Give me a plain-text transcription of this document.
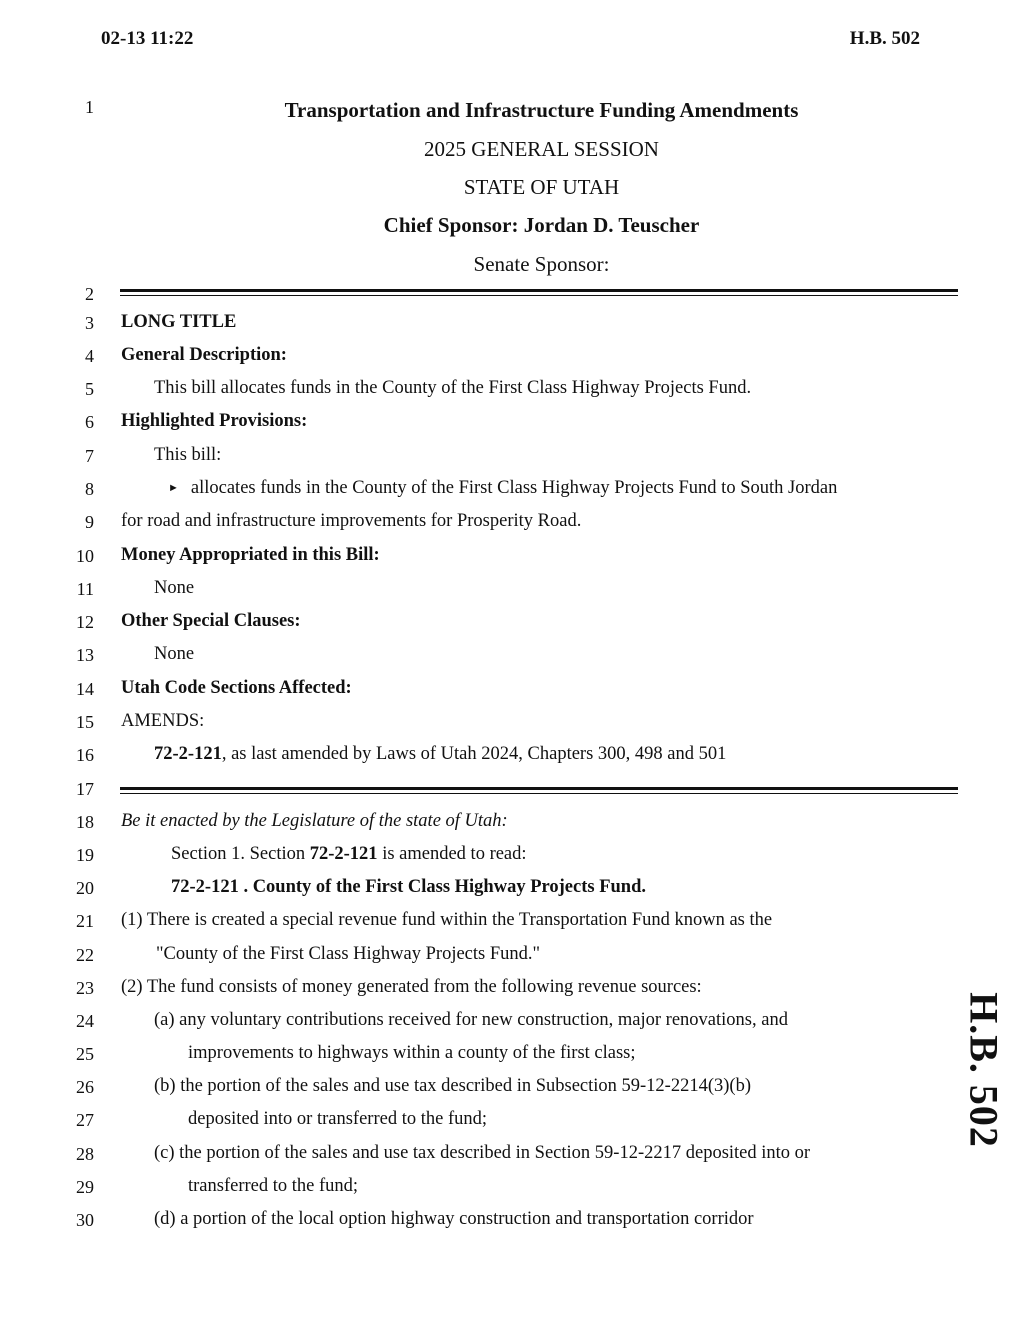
02-13 11:22	H.B. 502
1
2
3
4
5
6
7
8
9
10
11
12
13
14
15
16
17
18
19
20
21
22
23
24
25
26
27
28
29
30
Transportation and Infrastructure Funding Amendments
2025 GENERAL SESSION
STATE OF UTAH
Chief Sponsor: Jordan D. Teuscher
Senate Sponsor:
LONG TITLE
General Description:
This bill allocates funds in the County of the First Class Highway Projects Fund.
Highlighted Provisions:
This bill:
► allocates funds in the County of the First Class Highway Projects Fund to South Jordan
for road and infrastructure improvements for Prosperity Road.
Money Appropriated in this Bill:
None
Other Special Clauses:
None
Utah Code Sections Affected:
AMENDS:
72-2-121, as last amended by Laws of Utah 2024, Chapters 300, 498 and 501
Be it enacted by the Legislature of the state of Utah:
Section 1. Section 72-2-121 is amended to read:
72-2-121 . County of the First Class Highway Projects Fund.
(1) There is created a special revenue fund within the Transportation Fund known as the
"County of the First Class Highway Projects Fund."
(2) The fund consists of money generated from the following revenue sources:
(a) any voluntary contributions received for new construction, major renovations, and
improvements to highways within a county of the first class;
(b) the portion of the sales and use tax described in Subsection 59-12-2214(3)(b)
deposited into or transferred to the fund;
(c) the portion of the sales and use tax described in Section 59-12-2217 deposited into or
transferred to the fund;
(d) a portion of the local option highway construction and transportation corridor
H.B. 502
